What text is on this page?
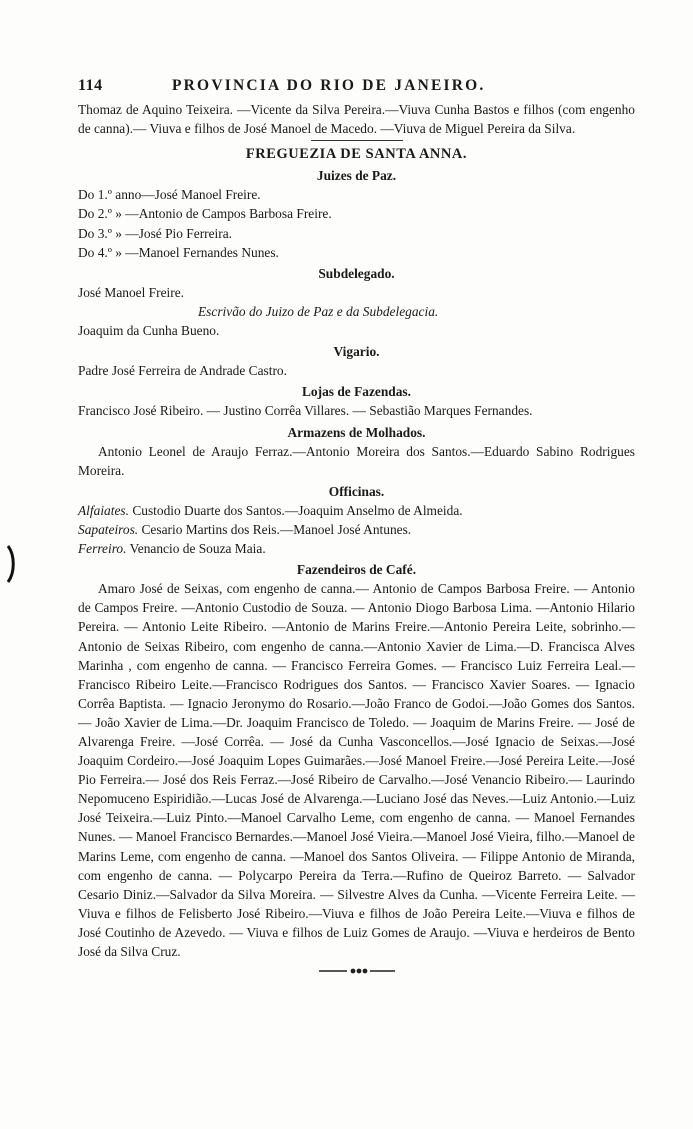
114	PROVINCIA DO RIO DE JANEIRO.

Thomaz de Aquino Teixeira. —Vicente da Silva Pereira.—Viuva Cunha Bastos e filhos (com engenho de canna).— Viuva e filhos de José Manoel de Macedo. —Viuva de Miguel Pereira da Silva.

FREGUEZIA DE SANTA ANNA.
Juizes de Paz.
Do 1.º anno—José Manoel Freire.
Do 2.º » —Antonio de Campos Barbosa Freire.
Do 3.º » —José Pio Ferreira.
Do 4.º » —Manoel Fernandes Nunes.
Subdelegado.
José Manoel Freire.
Escrivão do Juizo de Paz e da Subdelegacia.
Joaquim da Cunha Bueno.
Vigario.
Padre José Ferreira de Andrade Castro.
Lojas de Fazendas.

Francisco José Ribeiro. — Justino Corrêa Villares. — Sebastião Marques Fernandes.

Armazens de Molhados.

Antonio Leonel de Araujo Ferraz.—Antonio Moreira dos Santos.—Eduardo Sabino Rodrigues Moreira.

Officinas.
Alfaiates. Custodio Duarte dos Santos.—Joaquim Anselmo de Almeida.
Sapateiros. Cesario Martins dos Reis.—Manoel José Antunes.
Ferreiro. Venancio de Souza Maia.
Fazendeiros de Café.

Amaro José de Seixas, com engenho de canna.— Antonio de Campos Barbosa Freire. — Antonio de Campos Freire. —Antonio Custodio de Souza. — Antonio Diogo Barbosa Lima. —Antonio Hilario Pereira. — Antonio Leite Ribeiro. —Antonio de Marins Freire.—Antonio Pereira Leite, sobrinho.—Antonio de Seixas Ribeiro, com engenho de canna.—Antonio Xavier de Lima.—D. Francisca Alves Marinha , com engenho de canna. — Francisco Ferreira Gomes. — Francisco Luiz Ferreira Leal.—Francisco Ribeiro Leite.—Francisco Rodrigues dos Santos. — Francisco Xavier Soares. — Ignacio Corrêa Baptista. — Ignacio Jeronymo do Rosario.—João Franco de Godoi.—João Gomes dos Santos.— João Xavier de Lima.—Dr. Joaquim Francisco de Toledo. — Joaquim de Marins Freire. — José de Alvarenga Freire. —José Corrêa. — José da Cunha Vasconcellos.—José Ignacio de Seixas.—José Joaquim Cordeiro.—José Joaquim Lopes Guimarães.—José Manoel Freire.—José Pereira Leite.—José Pio Ferreira.— José dos Reis Ferraz.—José Ribeiro de Carvalho.—José Venancio Ribeiro.— Laurindo Nepomuceno Espiridião.—Lucas José de Alvarenga.—Luciano José das Neves.—Luiz Antonio.—Luiz José Teixeira.—Luiz Pinto.—Manoel Carvalho Leme, com engenho de canna. — Manoel Fernandes Nunes. — Manoel Francisco Bernardes.—Manoel José Vieira.—Manoel José Vieira, filho.—Manoel de Marins Leme, com engenho de canna. —Manoel dos Santos Oliveira. — Filippe Antonio de Miranda, com engenho de canna. — Polycarpo Pereira da Terra.—Rufino de Queiroz Barreto. — Salvador Cesario Diniz.—Salvador da Silva Moreira. — Silvestre Alves da Cunha. —Vicente Ferreira Leite. — Viuva e filhos de Felisberto José Ribeiro.—Viuva e filhos de João Pereira Leite.—Viuva e filhos de José Coutinho de Azevedo. — Viuva e filhos de Luiz Gomes de Araujo. —Viuva e herdeiros de Bento José da Silva Cruz.
